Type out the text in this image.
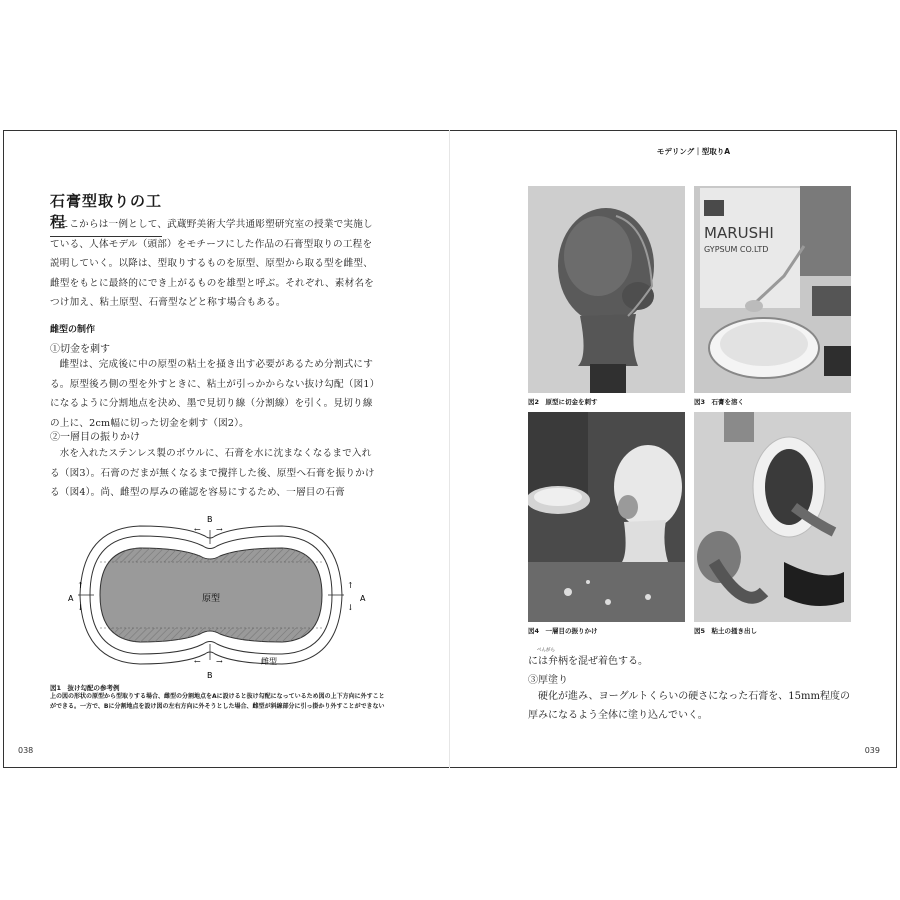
モデリング｜型取りA
石膏型取りの工程

ここからは一例として、武蔵野美術大学共通彫塑研究室の授業で実施している、人体モデル（頭部）をモチーフにした作品の石膏型取りの工程を説明していく。以降は、型取りするものを原型、原型から取る型を雌型、雌型をもとに最終的にでき上がるものを雄型と呼ぶ。それぞれ、素材名をつけ加え、粘土原型、石膏型などと称す場合もある。

雌型の制作
①切金を刺す

雌型は、完成後に中の原型の粘土を掻き出す必要があるため分割式にする。原型後ろ側の型を外すときに、粘土が引っかからない抜け勾配（図1）になるように分割地点を決め、墨で見切り線（分割線）を引く。見切り線の上に、2cm幅に切った切金を刺す（図2）。

②一層目の振りかけ

水を入れたステンレス製のボウルに、石膏を水に沈まなくなるまで入れる（図3）。石膏のだまが無くなるまで攪拌した後、原型へ石膏を振りかける（図4）。尚、雌型の厚みの確認を容易にするため、一層目の石膏

原型
雌型
A	A
B
B
↑
↓
↑
↓
← →
← →
図1　抜け勾配の参考例
上の図の形状の原型から型取りする場合、雌型の分割地点をAに設けると抜け勾配になっているため図の上下方向に外すことができる。一方で、Bに分割地点を設け図の左右方向に外そうとした場合、雌型が斜線部分に引っ掛かり外すことができない
038
MARUSHI
GYPSUM CO.LTD
図2　原型に切金を刺す	図3　石膏を溶く
図4　一層目の振りかけ	図5　粘土の掻き出し
べんがら
には弁柄を混ぜ着色する。
③厚塗り

硬化が進み、ヨーグルトくらいの硬さになった石膏を、15mm程度の厚みになるよう全体に塗り込んでいく。

039
